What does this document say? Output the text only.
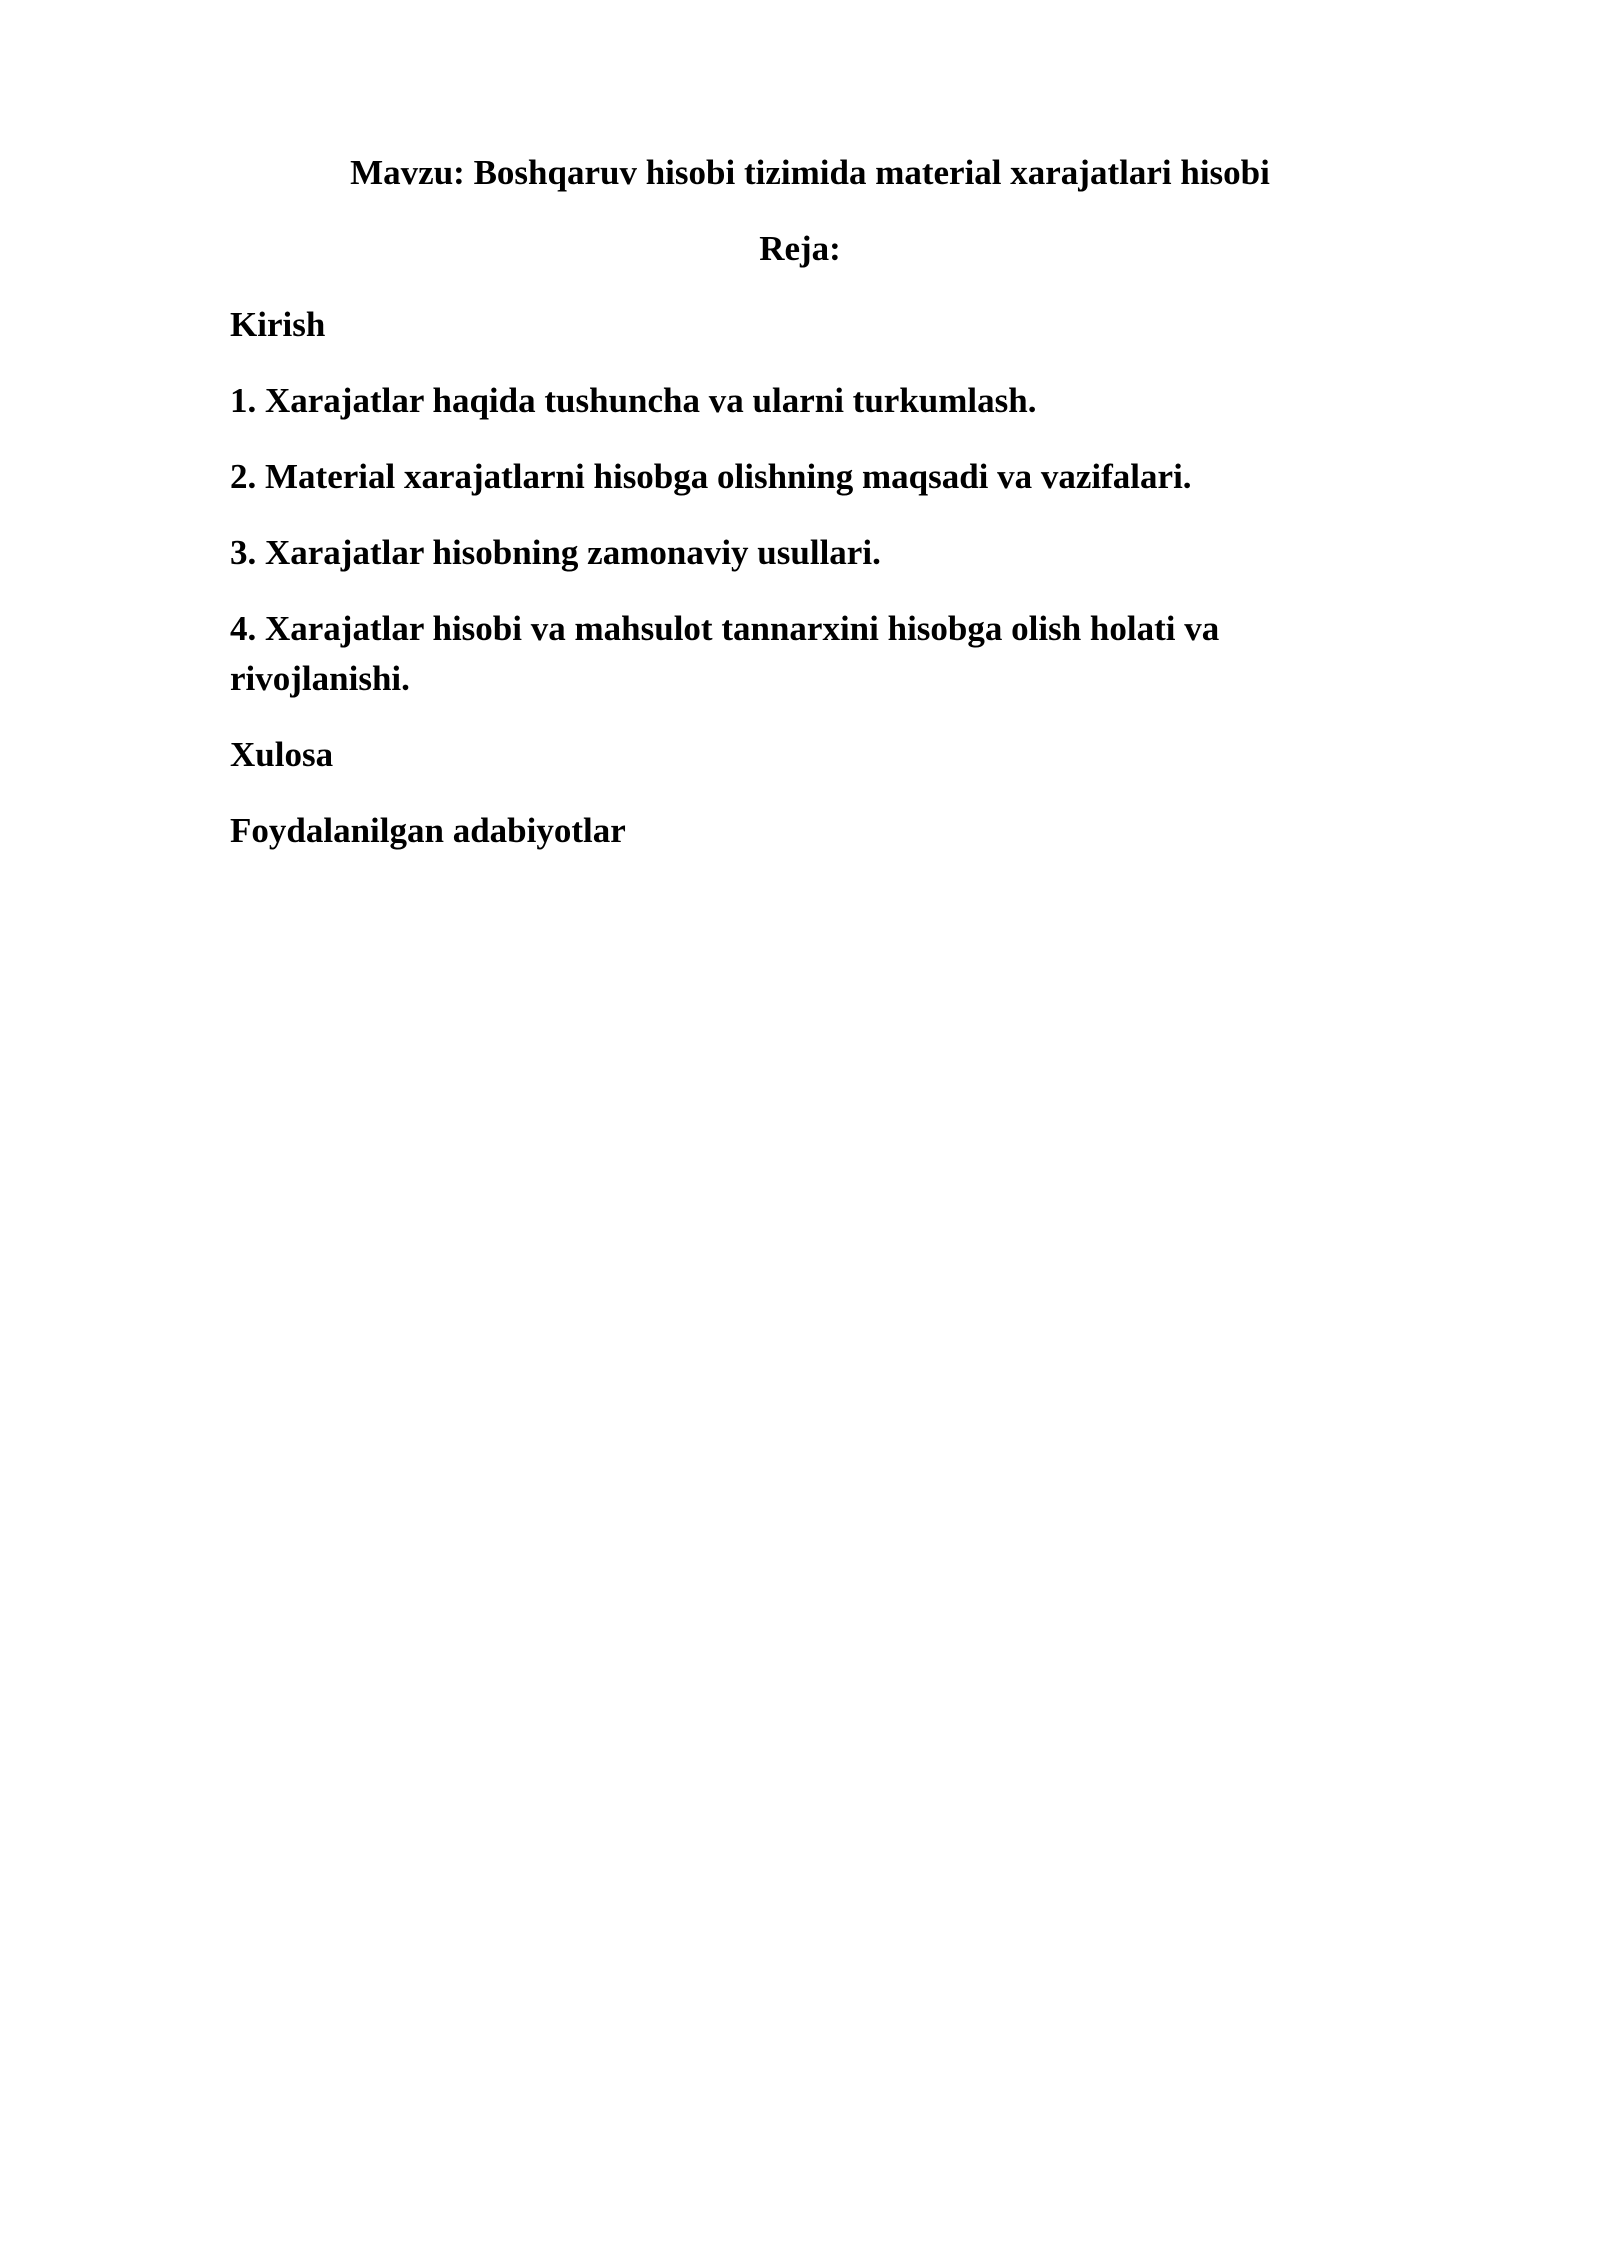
Mavzu: Boshqaruv hisobi tizimida material xarajatlari hisobi
Reja:
Kirish
1. Xarajatlar haqida tushuncha va ularni turkumlash.
2. Material xarajatlarni hisobga olishning maqsadi va vazifalari.
3. Xarajatlar hisobning zamonaviy usullari.
4. Xarajatlar hisobi va mahsulot tannarxini hisobga olish holati va rivojlanishi.
Xulosa
Foydalanilgan adabiyotlar
